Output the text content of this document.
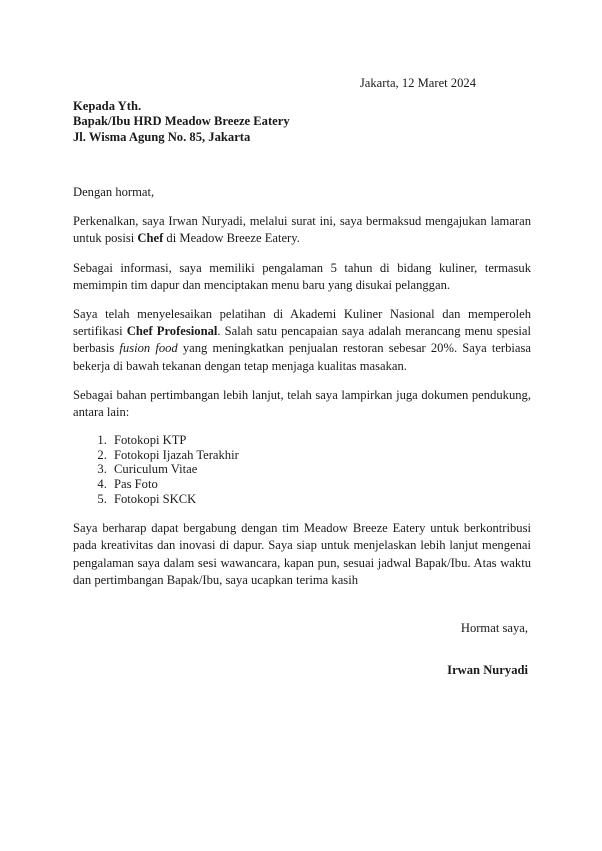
Jakarta, 12 Maret 2024
Kepada Yth.
Bapak/Ibu HRD Meadow Breeze Eatery
Jl. Wisma Agung No. 85, Jakarta

Dengan hormat,

Perkenalkan, saya Irwan Nuryadi, melalui surat ini, saya bermaksud mengajukan lamaran untuk posisi Chef di Meadow Breeze Eatery.

Sebagai informasi, saya memiliki pengalaman 5 tahun di bidang kuliner, termasuk memimpin tim dapur dan menciptakan menu baru yang disukai pelanggan.

Saya telah menyelesaikan pelatihan di Akademi Kuliner Nasional dan memperoleh sertifikasi Chef Profesional. Salah satu pencapaian saya adalah merancang menu spesial berbasis fusion food yang meningkatkan penjualan restoran sebesar 20%. Saya terbiasa bekerja di bawah tekanan dengan tetap menjaga kualitas masakan.

Sebagai bahan pertimbangan lebih lanjut, telah saya lampirkan juga dokumen pendukung, antara lain:

1. Fotokopi KTP
2. Fotokopi Ijazah Terakhir
3. Curiculum Vitae
4. Pas Foto
5. Fotokopi SKCK

Saya berharap dapat bergabung dengan tim Meadow Breeze Eatery untuk berkontribusi pada kreativitas dan inovasi di dapur. Saya siap untuk menjelaskan lebih lanjut mengenai pengalaman saya dalam sesi wawancara, kapan pun, sesuai jadwal Bapak/Ibu. Atas waktu dan pertimbangan Bapak/Ibu, saya ucapkan terima kasih

Hormat saya,
Irwan Nuryadi
